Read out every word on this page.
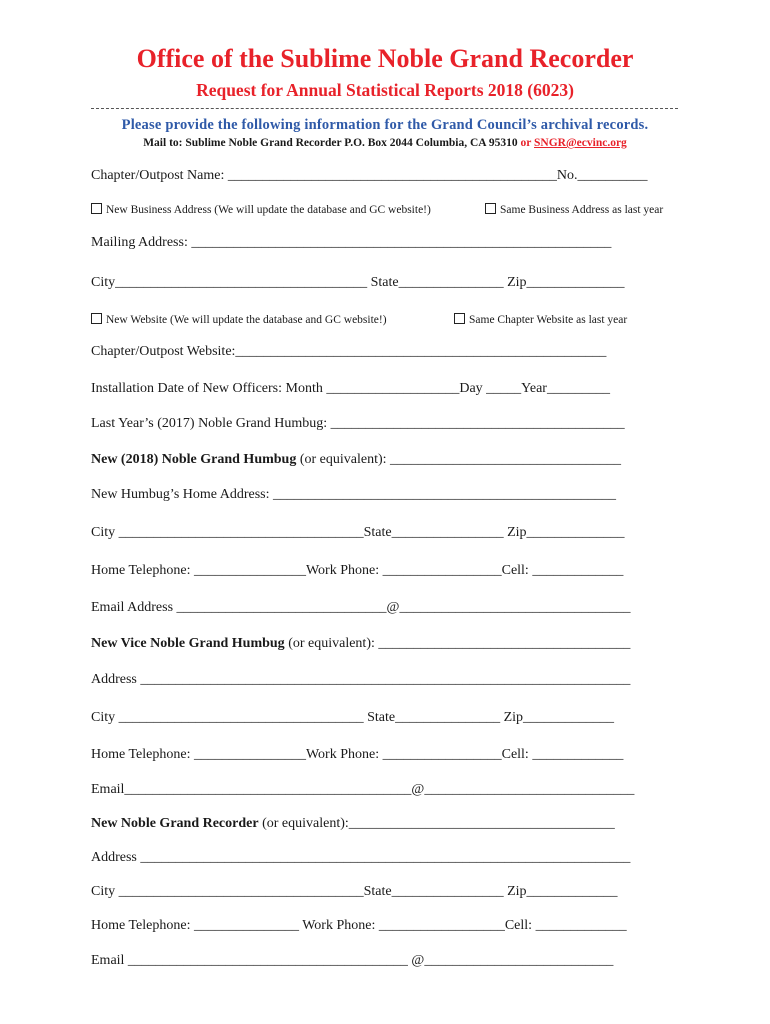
Office of the Sublime Noble Grand Recorder
Request for Annual Statistical Reports 2018 (6023)
Please provide the following information for the Grand Council’s archival records.
Mail to: Sublime Noble Grand Recorder P.O. Box 2044 Columbia, CA 95310 or SNGR@ecvinc.org
Chapter/Outpost Name: _______________________________________________No.__________
New Business Address (We will update the database and GC website!)	Same Business Address as last year
Mailing Address: ____________________________________________________________
City____________________________________ State_______________ Zip______________
New Website (We will update the database and GC website!)	Same Chapter Website as last year
Chapter/Outpost Website:_____________________________________________________
Installation Date of New Officers: Month ___________________Day _____Year_________
Last Year’s (2017) Noble Grand Humbug: __________________________________________
New (2018) Noble Grand Humbug (or equivalent): _________________________________
New Humbug’s Home Address: _________________________________________________
City ___________________________________State________________ Zip______________
Home Telephone: ________________Work Phone: _________________Cell: _____________
Email Address ______________________________@_________________________________
New Vice Noble Grand Humbug (or equivalent): ____________________________________
Address ______________________________________________________________________
City ___________________________________ State_______________ Zip_____________
Home Telephone: ________________Work Phone: _________________Cell: _____________
Email_________________________________________@______________________________
New Noble Grand Recorder (or equivalent):______________________________________
Address ______________________________________________________________________
City ___________________________________State________________ Zip_____________
Home Telephone: _______________ Work Phone: __________________Cell: _____________
Email ________________________________________ @___________________________
